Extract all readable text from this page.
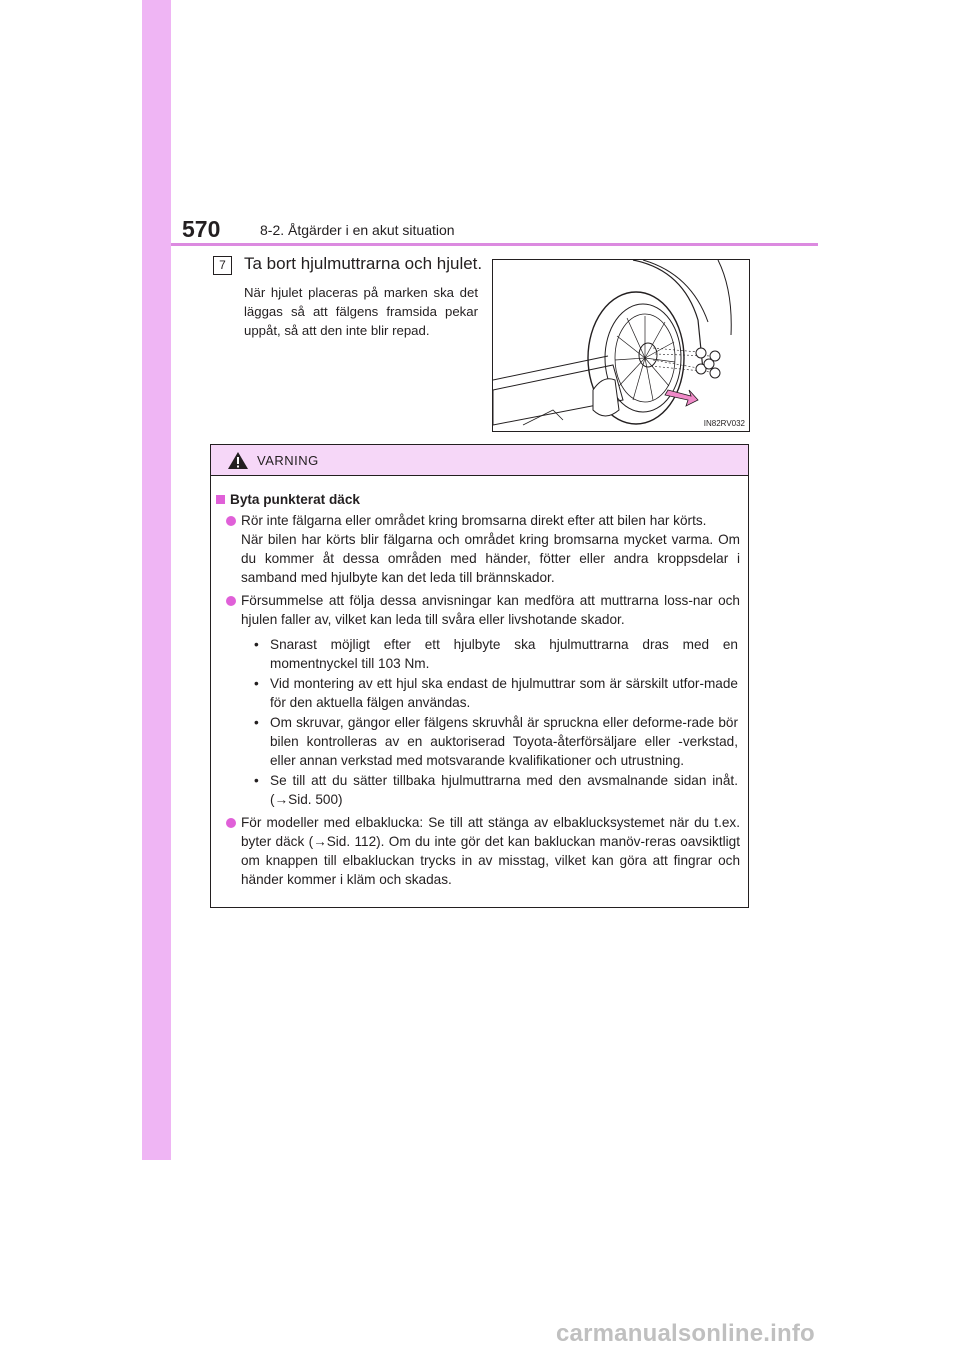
570	8-2. Åtgärder i en akut situation
7	Ta bort hjulmuttrarna och hjulet.
När hjulet placeras på marken ska det läggas så att fälgens framsida pekar uppåt, så att den inte blir repad.
IN82RV032
VARNING
Byta punkterat däck

Rör inte fälgarna eller området kring bromsarna direkt efter att bilen har körts.

När bilen har körts blir fälgarna och området kring bromsarna mycket varma. Om du kommer åt dessa områden med händer, fötter eller andra kroppsdelar i samband med hjulbyte kan det leda till brännskador.

Försummelse att följa dessa anvisningar kan medföra att muttrarna loss-nar och hjulen faller av, vilket kan leda till svåra eller livshotande skador.

• Snarast möjligt efter ett hjulbyte ska hjulmuttrarna dras med en momentnyckel till 103 Nm.
• Vid montering av ett hjul ska endast de hjulmuttrar som är särskilt utfor-made för den aktuella fälgen användas.
• Om skruvar, gängor eller fälgens skruvhål är spruckna eller deforme-rade bör bilen kontrolleras av en auktoriserad Toyota-återförsäljare eller -verkstad, eller annan verkstad med motsvarande kvalifikationer och utrustning.
• Se till att du sätter tillbaka hjulmuttrarna med den avsmalnande sidan inåt. (→Sid. 500)

För modeller med elbaklucka: Se till att stänga av elbaklucksystemet när du t.ex. byter däck (→Sid. 112). Om du inte gör det kan bakluckan manöv-reras oavsiktligt om knappen till elbakluckan trycks in av misstag, vilket kan göra att fingrar och händer kommer i kläm och skadas.

carmanualsonline.info
